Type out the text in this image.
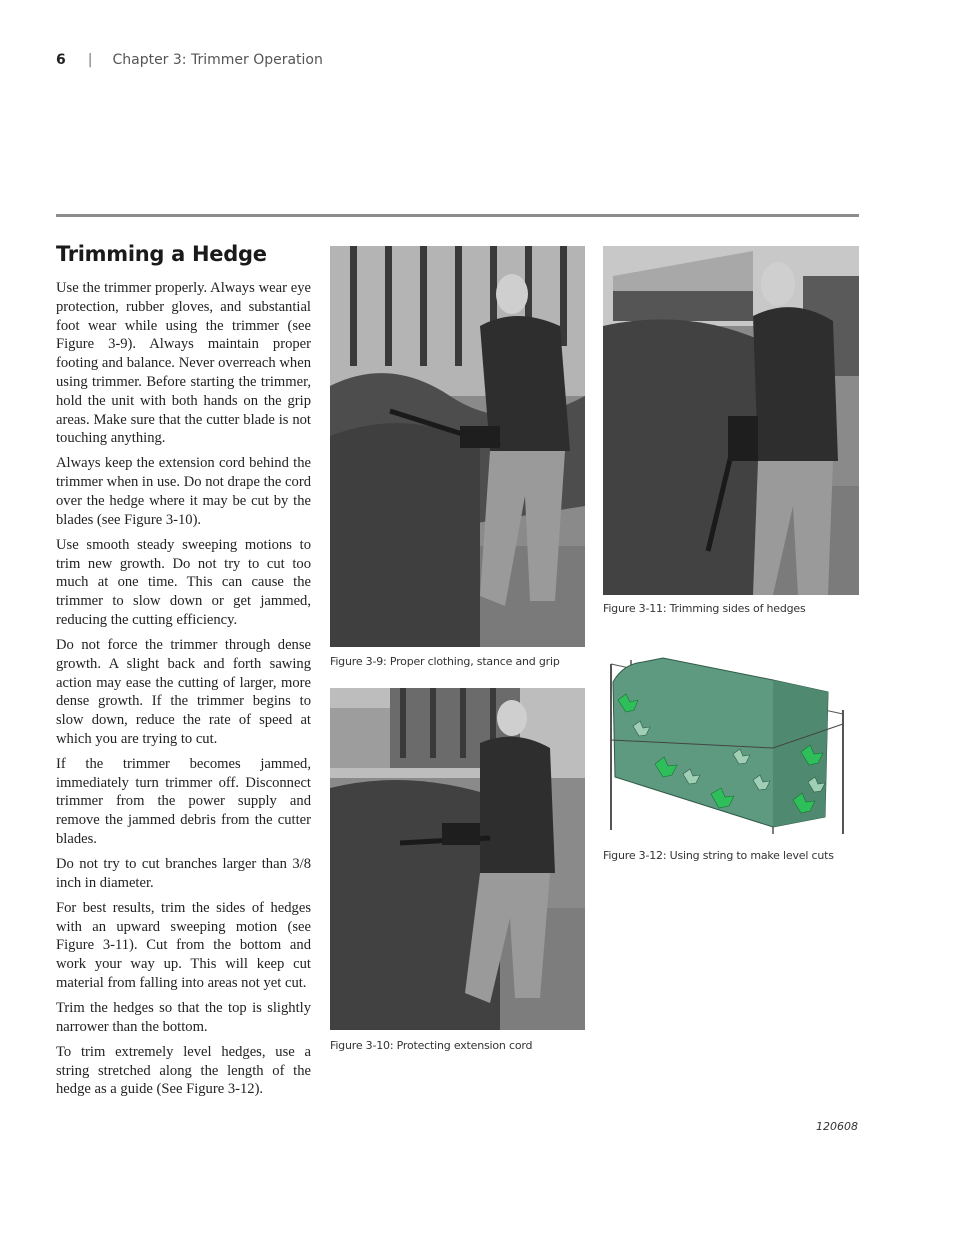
6 | Chapter 3: Trimmer Operation
Trimming a Hedge

Use the trimmer properly. Always wear eye protection, rubber gloves, and substantial foot wear while using the trimmer (see Figure 3-9). Always maintain proper footing and balance. Never overreach when using trimmer. Before starting the trimmer, hold the unit with both hands on the grip areas. Make sure that the cutter blade is not touching anything.

Always keep the extension cord behind the trimmer when in use. Do not drape the cord over the hedge where it may be cut by the blades (see Figure 3-10).

Use smooth steady sweeping motions to trim new growth. Do not try to cut too much at one time. This can cause the trimmer to slow down or get jammed, reducing the cutting efficiency.

Do not force the trimmer through dense growth. A slight back and forth sawing action may ease the cutting of larger, more dense growth. If the trimmer begins to slow down, reduce the rate of speed at which you are trying to cut.

If the trimmer becomes jammed, immediately turn trimmer off. Disconnect trimmer from the power supply and remove the jammed debris from the cutter blades.

Do not try to cut branches larger than 3/8 inch in diameter.

For best results, trim the sides of hedges with an upward sweeping motion (see Figure 3-11). Cut from the bottom and work your way up. This will keep cut material from falling into areas not yet cut.

Trim the hedges so that the top is slightly narrower than the bottom.

To trim extremely level hedges, use a string stretched along the length of the hedge as a guide (See Figure 3-12).

Figure 3-9: Proper clothing, stance and grip
Figure 3-10: Protecting extension cord
Figure 3-11: Trimming sides of hedges
Figure 3-12: Using string to make level cuts
120608
